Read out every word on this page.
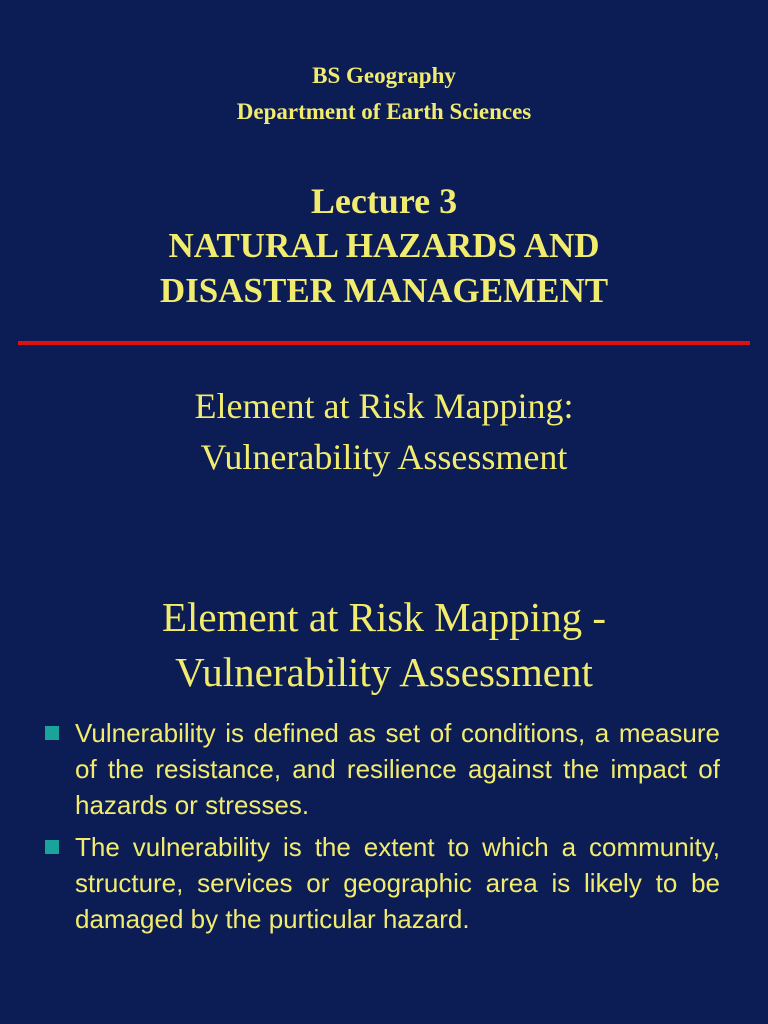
BS Geography
Department of Earth Sciences
Lecture 3
NATURAL HAZARDS AND
DISASTER MANAGEMENT
Element at Risk Mapping:
Vulnerability Assessment
Element at Risk Mapping -
Vulnerability Assessment
Vulnerability is defined as set of conditions, a measure of the resistance, and resilience against the impact of hazards or stresses.
The vulnerability is the extent to which a community, structure, services or geographic area is likely to be damaged by the purticular hazard.
